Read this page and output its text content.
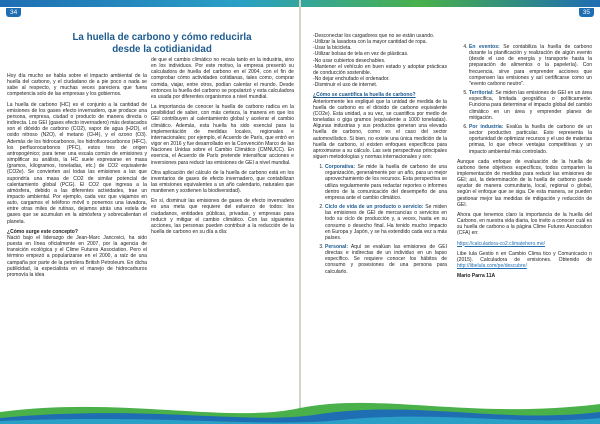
34
La huella de carbono y cómo reducirla desde la cotidianidad

Hoy día mucho se habla sobre el impacto ambiental de la huella del carbono, y el ciudadano de a pie poco o nada se sabe al respecto, y muchas veces pareciera que fuera competencia solo de las empresas y los gobiernos.

La huella de carbono (HC) es el conjunto a la cantidad de emisiones de los gases efecto invernadero, que produce una persona, empresa, ciudad o producto de manera directa o indirecta. Los GEI (gases efecto invernadero) más destacados son el dióxido de carbono (CO2), vapor de agua (H2O), el oxido nitroso (N2O), el metano (CH4), y el ozono (O3). Además de los hidrocarbonos, los hidrofluorocarbonos (HFC), los perfluorocarbonos (PFC), estos tres de origen antropogénico; para tener una escala común de emisiones y simplificar su análisis, la HC suele expresarse en masa (gramos, kilogramos, toneladas, etc.) de CO2 equivalente (CO2e). Se convierten así todas las emisiones a las que supondría una masa de CO2 de similar potencial de calentamiento global (PCG). El CO2 que ingresa a la atmósfera, debido a las diferentes actividades, trae un impacto ambiental. Por ejemplo, cada vez que viajamos en auto, cargamos el teléfono móvil o ponemos una lavadora, entre otras miles de rutinas, dejamos atrás una estela de gases que se acumulan en la atmósfera y sobrecalientan el planeta.

¿Cómo surge este concepto?

Nació bajo el liderazgo de Jean-Marc Jancovici, ha sido puesta en línea oficialmente en 2007, por la agencia de transición ecológica y el Clime Futures Association. Pero el término empezó a popularizarse en el 2000, a raíz de una campaña por parte de la petrolera British Petroleum. En dicha publicidad, la especialista en el manejo de hidrocarburos promovía la idea

de que el cambio climático no recaía tanto en la industria, sino en los individuos. Por este motivo, la empresa presentó su calculadora de huella del carbono en el 2004, con el fin de comprobar cómo actividades cotidianas, tales como, comprar comida, viajar, entre otros, podían calentar el mundo. Desde entonces la huella del carbono se popularizó y esta calculadora es usada por diferentes organismos a nivel mundial.

La importancia de conocer la huella de carbono radica en la posibilidad de saber, con más certeza, la manera en que los GEI contribuyen al calentamiento global y acelerar el cambio climático. Además, esta huella ha sido esencial para la implementación de medidas locales, regionales e internacionales; por ejemplo, el Acuerdo de París, que entró en vigor en 2016 y fue desarrollado en la Convención Marco de las Naciones Unidas sobre el Cambio Climático (CMNUCC). En esencia, el Acuerdo de París pretende intensificar acciones e inversiones para reducir las emisiones de GEI a nivel mundial.

Otra aplicación del cálculo de la huella de carbono está en los inventarios de gases de efecto invernadero, que contabilizan las emisiones equivalentes a un año calendario, naturales que mantienen y sostienen la biodiversidad).

En sí, disminuir las emisiones de gases de efecto invernadero es una meta que requiere del esfuerzo de todos: los ciudadanos, entidades públicas, privadas, y empresas para reducir y mitigar el cambio climático. Con las siguientes acciones, las personas pueden contribuir a la reducción de la huella de carbono en su día a día:

35
- Desconectar los cargadores que no se están usando.
- Utilizar la lavadora con la mayor cantidad de ropa.
- Usar la bicicleta.
- Utilizar bolsas de tela en vez de plásticas.
- No usar cubiertos desechables.
- Mantener el vehículo en buen estado y adoptar prácticas de conducción sostenible.
- No dejar enchufado el ordenador.
- Disminuir el uso de internet.

¿Cómo se cuantifica la huella de carbono?

Anteriormente les expliqué que la unidad de medida de la huella de carbono es el dióxido de carbono equivalente (CO2e). Esta unidad, a su vez, se cuantifica por medio de toneladas o giga gramos (equivalente a 1000 toneladas). Algunas industrias y sus productos generan una elevada huella de carbono, como es el caso del sector automovilístico. Si bien, no existe una única medición de la huella de carbono, sí existen enfoques específicos para aproximarse a su cálculo. Las seis perspectivas principales siguen metodologías y normas internacionales y son:

1. Corporativa: Se mide la huella de carbono de una organización, generalmente por un año, para un mejor aprovechamiento de los recursos. Esta perspectiva se utiliza regularmente para redactar reportes o informes dentro de la comunicación del desempeño de una empresa ante el cambio climático.
2. Ciclo de vida de un producto o servicio: Se miden las emisiones de GEI de mercancías o servicios en todo su ciclo de producción y, a veces, hasta en su consumo o desecho final. Ha tenido mucho impacto en Europa y Japón, y se ha extendido cada vez a más países.
3. Personal: Aquí se evalúan las emisiones de GEI directas e indirectas de un individuo en un lapso específico. Se requiere conocer los hábitos de consumo y posesiones de una persona para calcularlo.
4. En eventos: Se contabiliza la huella de carbono durante la planificación y realización de algún evento (desde el uso de energía y transporte hasta la preparación de alimentos o la papelería). Con frecuencia, sirve para emprender acciones que compensen las emisiones y así certificarse como un "evento carbono neutro".
5. Territorial: Se miden las emisiones de GEI en un área específica, limitada geográfica o políticamente. Funciona para determinar el impacto global del cambio climático en un área y emprender planes de mitigación.
6. Por industria: Evalúa la huella de carbono de un sector productivo particular. Esto representa la oportunidad de optimizar recursos y el uso de materias primas, lo que ofrece ventajas competitivas y un impacto ambiental más controlado.

Aunque cada enfoque de evaluación de la huella de carbono tiene objetivos específicos, todos comparten la implementación de medidas para reducir las emisiones de GEI; así, la determinación de la huella de carbono puede ayudar de manera comunitaria, local, regional o global, según el enfoque que se siga. De esta manera, se pueden gestionar mejor las medidas de mitigación y reducción de GEI.

Ahora que tenemos claro la importancia de la huella del Carbono, en nuestra vida diaria, los invito a conocer cuál es su huella de carbono a la página Clime Futures Association (CFA) en:

https://calculadora-co2.climatehero.me/

Libe Iula Gestio n en Cambio Clima tico y Comunicacio n (2015). Calculadora de emisiones. Obtenido de http://libelula.com/pe/descubre/

Mario Parra 11A
